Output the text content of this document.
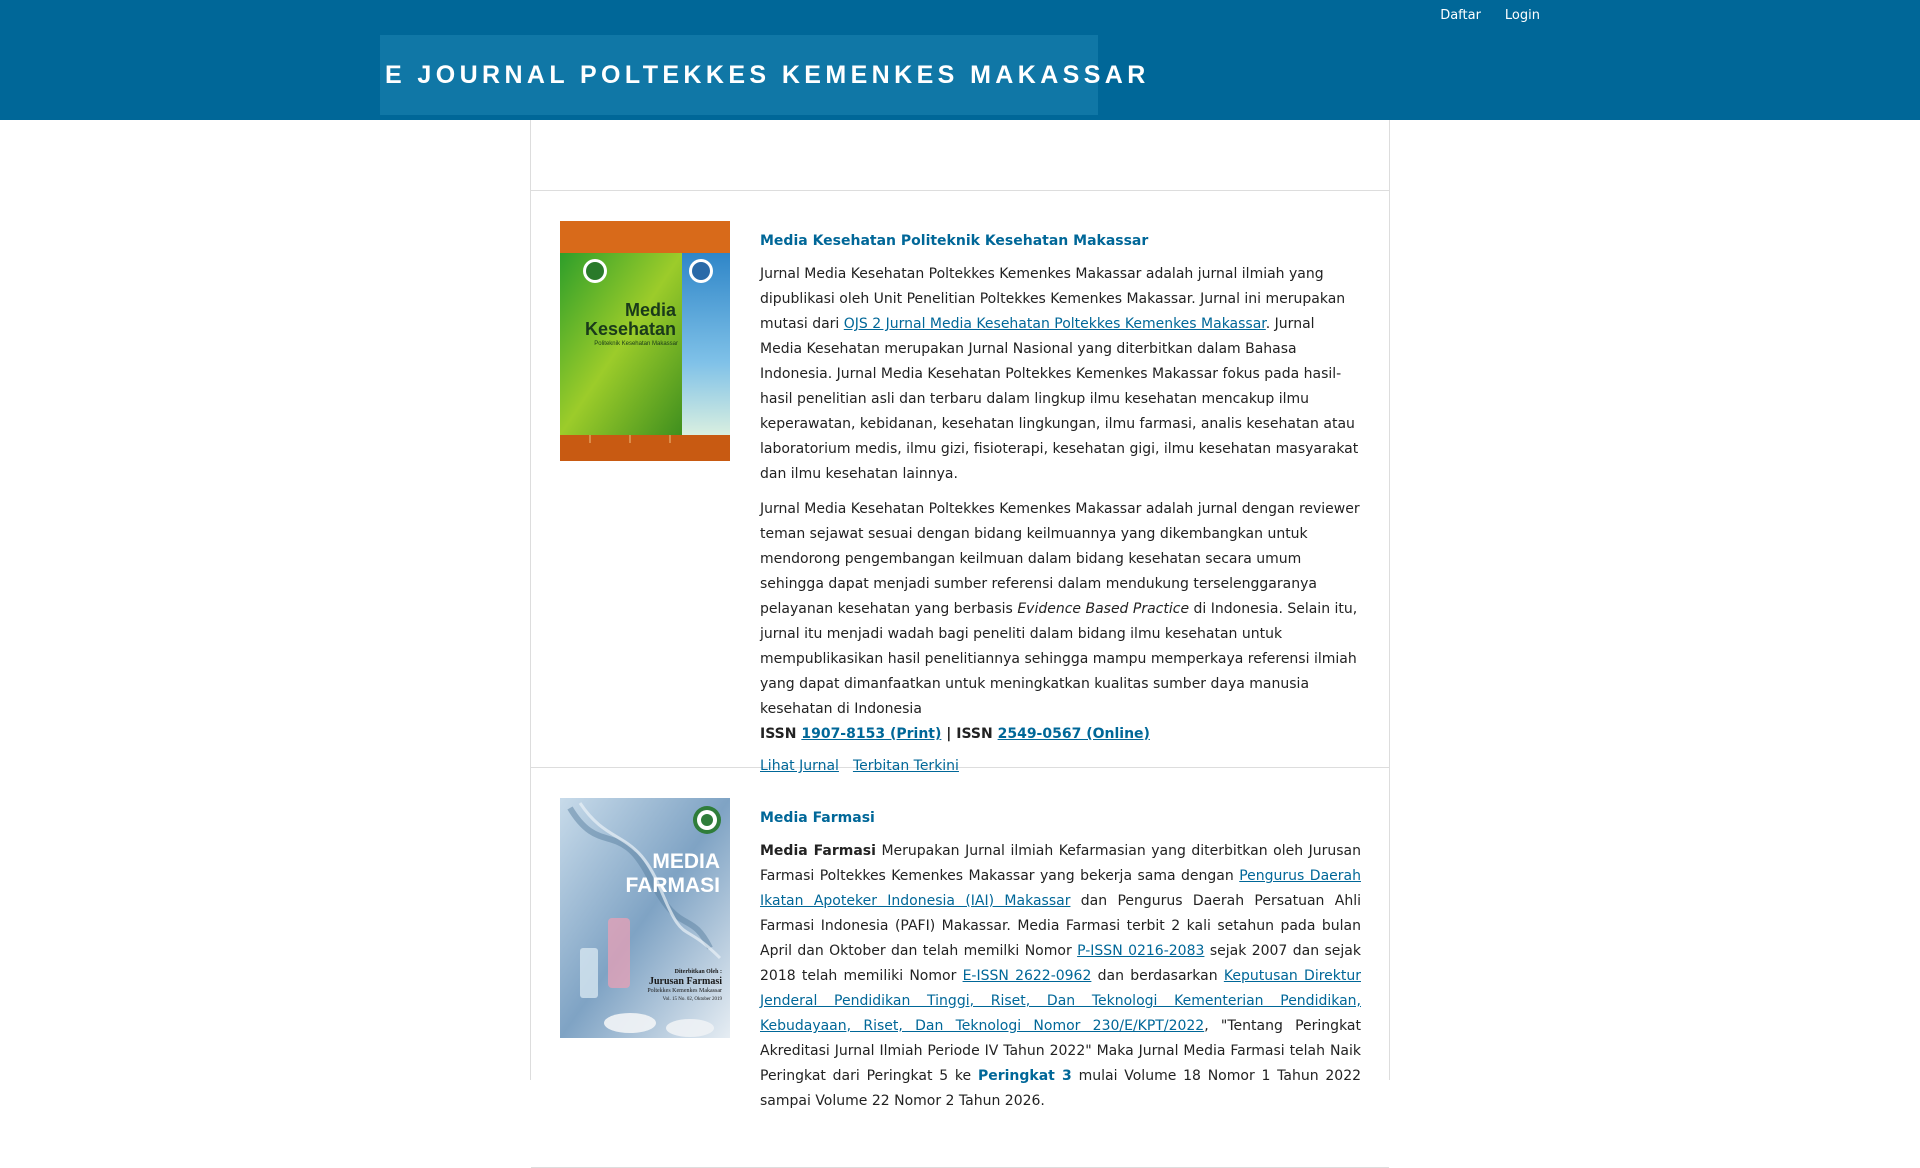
Daftar Login
E JOURNAL POLTEKKES KEMENKES MAKASSAR
Media
Kesehatan
Politeknik Kesehatan Makassar
Media Kesehatan Politeknik Kesehatan Makassar

Jurnal Media Kesehatan Poltekkes Kemenkes Makassar adalah jurnal ilmiah yang dipublikasi oleh Unit Penelitian Poltekkes Kemenkes Makassar. Jurnal ini merupakan mutasi dari OJS 2 Jurnal Media Kesehatan Poltekkes Kemenkes Makassar. Jurnal Media Kesehatan merupakan Jurnal Nasional yang diterbitkan dalam Bahasa Indonesia. Jurnal Media Kesehatan Poltekkes Kemenkes Makassar fokus pada hasil-hasil penelitian asli dan terbaru dalam lingkup ilmu kesehatan mencakup ilmu keperawatan, kebidanan, kesehatan lingkungan, ilmu farmasi, analis kesehatan atau laboratorium medis, ilmu gizi, fisioterapi, kesehatan gigi, ilmu kesehatan masyarakat dan ilmu kesehatan lainnya.

Jurnal Media Kesehatan Poltekkes Kemenkes Makassar adalah jurnal dengan reviewer teman sejawat sesuai dengan bidang keilmuannya yang dikembangkan untuk mendorong pengembangan keilmuan dalam bidang kesehatan secara umum sehingga dapat menjadi sumber referensi dalam mendukung terselenggaranya pelayanan kesehatan yang berbasis Evidence Based Practice di Indonesia. Selain itu, jurnal itu menjadi wadah bagi peneliti dalam bidang ilmu kesehatan untuk mempublikasikan hasil penelitiannya sehingga mampu memperkaya referensi ilmiah yang dapat dimanfaatkan untuk meningkatkan kualitas sumber daya manusia kesehatan di Indonesia

ISSN 1907-8153 (Print) | ISSN 2549-0567 (Online)

Lihat Jurnal Terbitan Terkini
MEDIA
FARMASI
Diterbitkan Oleh :
Jurusan Farmasi
Poltekkes Kemenkes Makassar
Vol. 15 No. 02, Oktober 2019
Media Farmasi

Media Farmasi Merupakan Jurnal ilmiah Kefarmasian yang diterbitkan oleh Jurusan Farmasi Poltekkes Kemenkes Makassar yang bekerja sama dengan Pengurus Daerah Ikatan Apoteker Indonesia (IAI) Makassar dan Pengurus Daerah Persatuan Ahli Farmasi Indonesia (PAFI) Makassar. Media Farmasi terbit 2 kali setahun pada bulan April dan Oktober dan telah memilki Nomor P-ISSN 0216-2083 sejak 2007 dan sejak 2018 telah memiliki Nomor E-ISSN 2622-0962 dan berdasarkan Keputusan Direktur Jenderal Pendidikan Tinggi, Riset, Dan Teknologi Kementerian Pendidikan, Kebudayaan, Riset, Dan Teknologi Nomor 230/E/KPT/2022, "Tentang Peringkat Akreditasi Jurnal Ilmiah Periode IV Tahun 2022" Maka Jurnal Media Farmasi telah Naik Peringkat dari Peringkat 5 ke Peringkat 3 mulai Volume 18 Nomor 1 Tahun 2022 sampai Volume 22 Nomor 2 Tahun 2026.
